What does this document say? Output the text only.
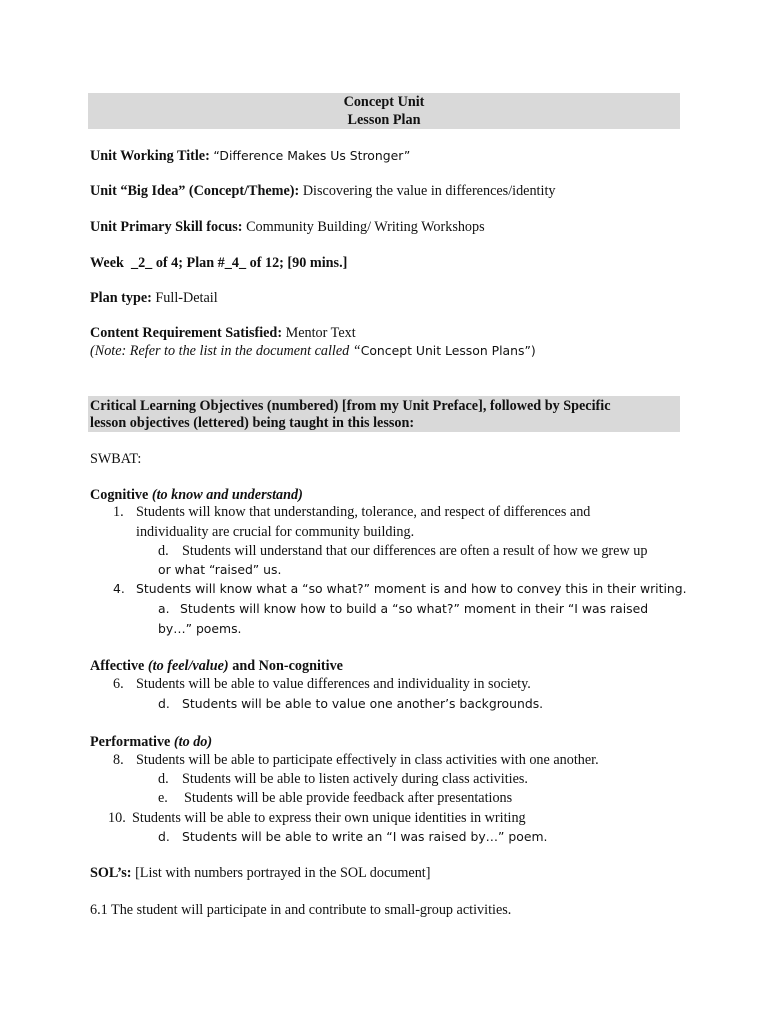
Concept Unit
Lesson Plan
Unit Working Title: “Difference Makes Us Stronger”
Unit “Big Idea” (Concept/Theme): Discovering the value in differences/identity
Unit Primary Skill focus: Community Building/ Writing Workshops
Week  _2_ of 4; Plan #_4_ of 12; [90 mins.]
Plan type: Full-Detail
Content Requirement Satisfied: Mentor Text
(Note: Refer to the list in the document called “Concept Unit Lesson Plans”)
Critical Learning Objectives (numbered) [from my Unit Preface], followed by Specific
lesson objectives (lettered) being taught in this lesson:
SWBAT:
Cognitive (to know and understand)
1. Students will know that understanding, tolerance, and respect of differences and
individuality are crucial for community building.
d. Students will understand that our differences are often a result of how we grew up
or what “raised” us.
4. Students will know what a “so what?” moment is and how to convey this in their writing.
a. Students will know how to build a “so what?” moment in their “I was raised
by…” poems.
Affective (to feel/value) and Non-cognitive
6. Students will be able to value differences and individuality in society.
d. Students will be able to value one another’s backgrounds.
Performative (to do)
8. Students will be able to participate effectively in class activities with one another.
d. Students will be able to listen actively during class activities.
e. Students will be able provide feedback after presentations
10. Students will be able to express their own unique identities in writing
d. Students will be able to write an “I was raised by…” poem.
SOL’s: [List with numbers portrayed in the SOL document]
6.1 The student will participate in and contribute to small-group activities.
